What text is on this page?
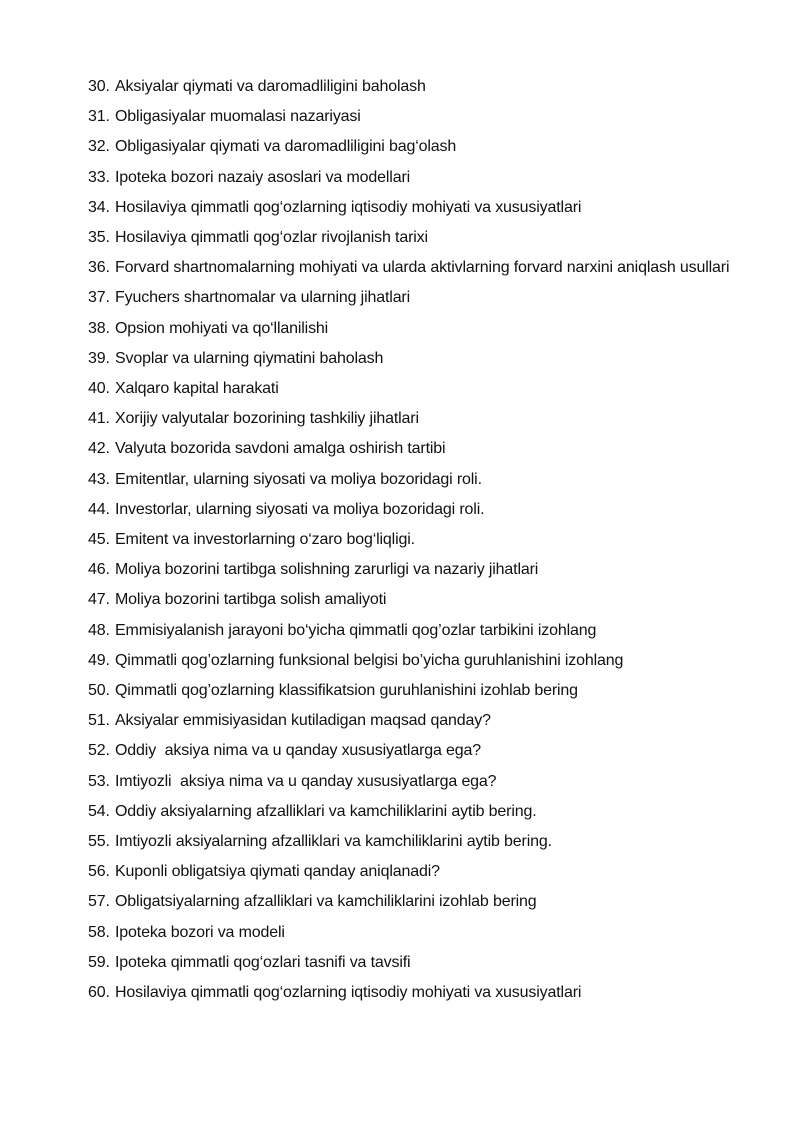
30. Aksiyalar qiymati va daromadliligini baholash
31. Obligasiyalar muomalasi nazariyasi
32. Obligasiyalar qiymati va daromadliligini bag‘olash
33. Ipoteka bozori nazaiy asoslari va modellari
34. Hosilaviya qimmatli qog‘ozlarning iqtisodiy mohiyati va xususiyatlari
35. Hosilaviya qimmatli qog‘ozlar rivojlanish tarixi
36. Forvard shartnomalarning mohiyati va ularda aktivlarning forvard narxini aniqlash usullari
37. Fyuchers shartnomalar va ularning jihatlari
38. Opsion mohiyati va qo‘llanilishi
39. Svoplar va ularning qiymatini baholash
40. Xalqaro kapital harakati
41. Xorijiy valyutalar bozorining tashkiliy jihatlari
42. Valyuta bozorida savdoni amalga oshirish tartibi
43. Emitentlar, ularning siyosati va moliya bozoridagi roli.
44. Investorlar, ularning siyosati va moliya bozoridagi roli.
45. Emitent va investorlarning o‘zaro bog‘liqligi.
46. Moliya bozorini tartibga solishning zarurligi va nazariy jihatlari
47. Moliya bozorini tartibga solish amaliyoti
48. Emmisiyalanish jarayoni bo‘yicha qimmatli qog’ozlar tarbikini izohlang
49. Qimmatli qog’ozlarning funksional belgisi bo’yicha guruhlanishini izohlang
50. Qimmatli qog’ozlarning klassifikatsion guruhlanishini izohlab bering
51. Aksiyalar emmisiyasidan kutiladigan maqsad qanday?
52. Oddiy  aksiya nima va u qanday xususiyatlarga ega?
53. Imtiyozli  aksiya nima va u qanday xususiyatlarga ega?
54. Oddiy aksiyalarning afzalliklari va kamchiliklarini aytib bering.
55. Imtiyozli aksiyalarning afzalliklari va kamchiliklarini aytib bering.
56. Kuponli obligatsiya qiymati qanday aniqlanadi?
57. Obligatsiyalarning afzalliklari va kamchiliklarini izohlab bering
58. Ipoteka bozori va modeli
59. Ipoteka qimmatli qog‘ozlari tasnifi va tavsifi
60. Hosilaviya qimmatli qog‘ozlarning iqtisodiy mohiyati va xususiyatlari
